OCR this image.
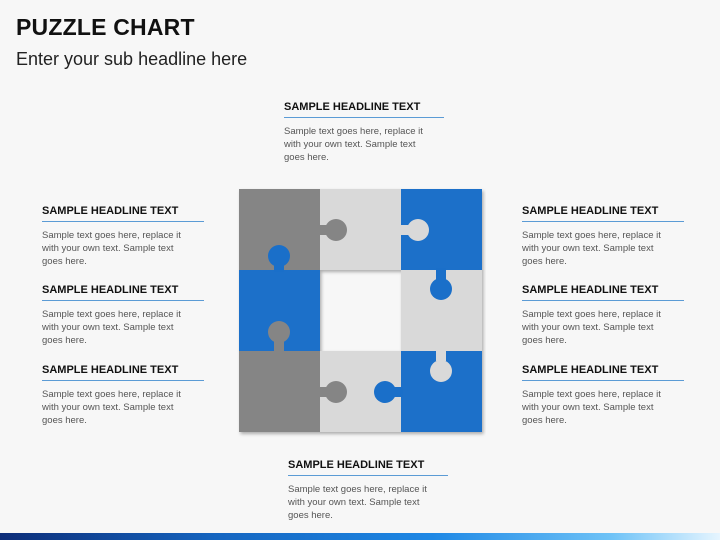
PUZZLE CHART
Enter your sub headline here
SAMPLE HEADLINE TEXT
Sample text goes here, replace it with your own text. Sample text goes here.
SAMPLE HEADLINE TEXT
Sample text goes here, replace it with your own text. Sample text goes here.
SAMPLE HEADLINE TEXT
Sample text goes here, replace it with your own text. Sample text goes here.
SAMPLE HEADLINE TEXT
Sample text goes here, replace it with your own text. Sample text goes here.
SAMPLE HEADLINE TEXT
Sample text goes here, replace it with your own text. Sample text goes here.
SAMPLE HEADLINE TEXT
Sample text goes here, replace it with your own text. Sample text goes here.
SAMPLE HEADLINE TEXT
Sample text goes here, replace it with your own text. Sample text goes here.
SAMPLE HEADLINE TEXT
Sample text goes here, replace it with your own text. Sample text goes here.
